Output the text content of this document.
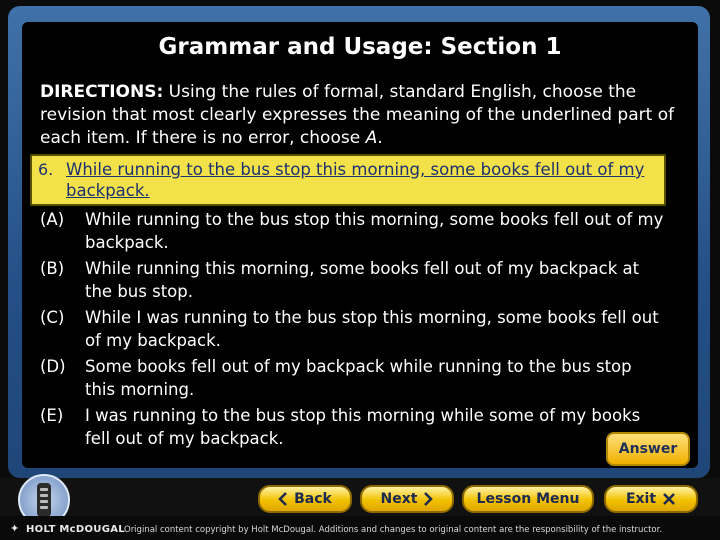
Grammar and Usage: Section 1
DIRECTIONS: Using the rules of formal, standard English, choose the revision that most clearly expresses the meaning of the underlined part of each item. If there is no error, choose A.
6. While running to the bus stop this morning, some books fell out of my backpack.
(A) While running to the bus stop this morning, some books fell out of my backpack.
(B) While running this morning, some books fell out of my backpack at the bus stop.
(C) While I was running to the bus stop this morning, some books fell out of my backpack.
(D) Some books fell out of my backpack while running to the bus stop this morning.
(E) I was running to the bus stop this morning while some of my books fell out of my backpack.
Answer
Back	Next	Lesson Menu	Exit
✦ HOLT McDOUGAL Original content copyright by Holt McDougal. Additions and changes to original content are the responsibility of the instructor.
